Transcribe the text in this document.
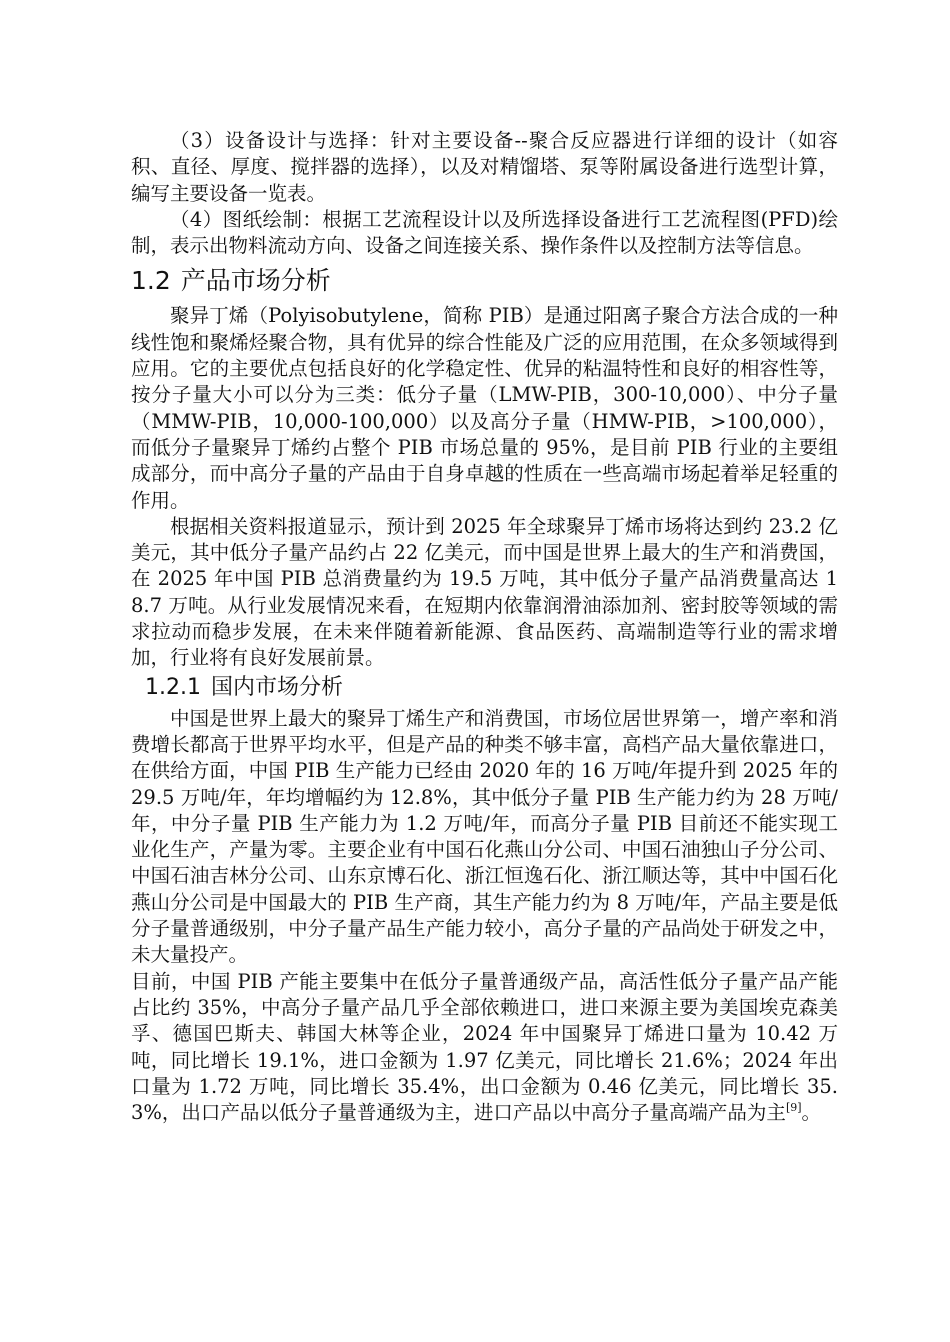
（3）设备设计与选择：针对主要设备--聚合反应器进行详细的设计（如容积、直径、厚度、搅拌器的选择），以及对精馏塔、泵等附属设备进行选型计算，编写主要设备一览表。

（4）图纸绘制：根据工艺流程设计以及所选择设备进行工艺流程图(PFD)绘制，表示出物料流动方向、设备之间连接关系、操作条件以及控制方法等信息。

1.2 产品市场分析

聚异丁烯（Polyisobutylene，简称 PIB）是通过阳离子聚合方法合成的一种线性饱和聚烯烃聚合物，具有优异的综合性能及广泛的应用范围，在众多领域得到应用。它的主要优点包括良好的化学稳定性、优异的粘温特性和良好的相容性等，按分子量大小可以分为三类：低分子量（LMW-PIB，300-10,000）、中分子量（MMW-PIB，10,000-100,000）以及高分子量（HMW-PIB，>100,000），而低分子量聚异丁烯约占整个 PIB 市场总量的 95%，是目前 PIB 行业的主要组成部分，而中高分子量的产品由于自身卓越的性质在一些高端市场起着举足轻重的作用。

根据相关资料报道显示，预计到 2025 年全球聚异丁烯市场将达到约 23.2 亿美元，其中低分子量产品约占 22 亿美元，而中国是世界上最大的生产和消费国，在 2025 年中国 PIB 总消费量约为 19.5 万吨，其中低分子量产品消费量高达 18.7 万吨。从行业发展情况来看，在短期内依靠润滑油添加剂、密封胶等领域的需求拉动而稳步发展，在未来伴随着新能源、食品医药、高端制造等行业的需求增加，行业将有良好发展前景。

1.2.1 国内市场分析

中国是世界上最大的聚异丁烯生产和消费国，市场位居世界第一，增产率和消费增长都高于世界平均水平，但是产品的种类不够丰富，高档产品大量依靠进口，在供给方面，中国 PIB 生产能力已经由 2020 年的 16 万吨/年提升到 2025 年的 29.5 万吨/年，年均增幅约为 12.8%，其中低分子量 PIB 生产能力约为 28 万吨/年，中分子量 PIB 生产能力为 1.2 万吨/年，而高分子量 PIB 目前还不能实现工业化生产，产量为零。主要企业有中国石化燕山分公司、中国石油独山子分公司、中国石油吉林分公司、山东京博石化、浙江恒逸石化、浙江顺达等，其中中国石化燕山分公司是中国最大的 PIB 生产商，其生产能力约为 8 万吨/年，产品主要是低分子量普通级别，中分子量产品生产能力较小，高分子量的产品尚处于研发之中，未大量投产。

目前，中国 PIB 产能主要集中在低分子量普通级产品，高活性低分子量产品产能占比约 35%，中高分子量产品几乎全部依赖进口，进口来源主要为美国埃克森美孚、德国巴斯夫、韩国大林等企业，2024 年中国聚异丁烯进口量为 10.42 万吨，同比增长 19.1%，进口金额为 1.97 亿美元，同比增长 21.6%；2024 年出口量为 1.72 万吨，同比增长 35.4%，出口金额为 0.46 亿美元，同比增长 35.3%，出口产品以低分子量普通级为主，进口产品以中高分子量高端产品为主[9]。
